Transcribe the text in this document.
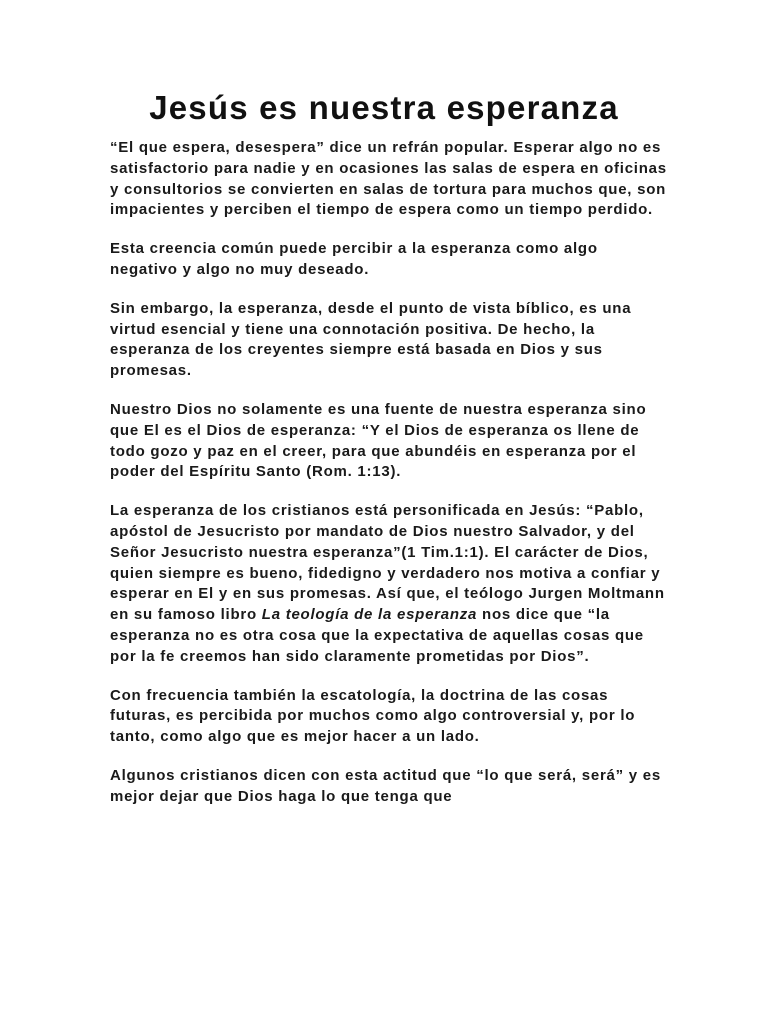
Jesús es nuestra esperanza

“El que espera, desespera” dice un refrán popular. Esperar algo no es satisfactorio para nadie y en ocasiones las salas de espera en oficinas y consultorios se convierten en salas de tortura para muchos que, son impacientes y perciben el tiempo de espera como un tiempo perdido.

Esta creencia común puede percibir a la esperanza como algo negativo y algo no muy deseado.

Sin embargo, la esperanza, desde el punto de vista bíblico, es una virtud esencial y tiene una connotación positiva. De hecho, la esperanza de los creyentes siempre está basada en Dios y sus promesas.

Nuestro Dios no solamente es una fuente de nuestra esperanza sino que El es el Dios de esperanza: “Y el Dios de esperanza os llene de todo gozo y paz en el creer, para que abundéis en esperanza por el poder del Espíritu Santo (Rom. 1:13).

La esperanza de los cristianos está personificada en Jesús: “Pablo, apóstol de Jesucristo por mandato de Dios nuestro Salvador, y del Señor Jesucristo nuestra esperanza”(1 Tim.1:1). El carácter de Dios, quien siempre es bueno, fidedigno y verdadero nos motiva a confiar y esperar en El y en sus promesas. Así que, el teólogo Jurgen Moltmann en su famoso libro La teología de la esperanza nos dice que “la esperanza no es otra cosa que la expectativa de aquellas cosas que por la fe creemos han sido claramente prometidas por Dios”.

Con frecuencia también la escatología, la doctrina de las cosas futuras, es percibida por muchos como algo controversial y, por lo tanto, como algo que es mejor hacer a un lado.

Algunos cristianos dicen con esta actitud que “lo que será, será” y es mejor dejar que Dios haga lo que tenga que
